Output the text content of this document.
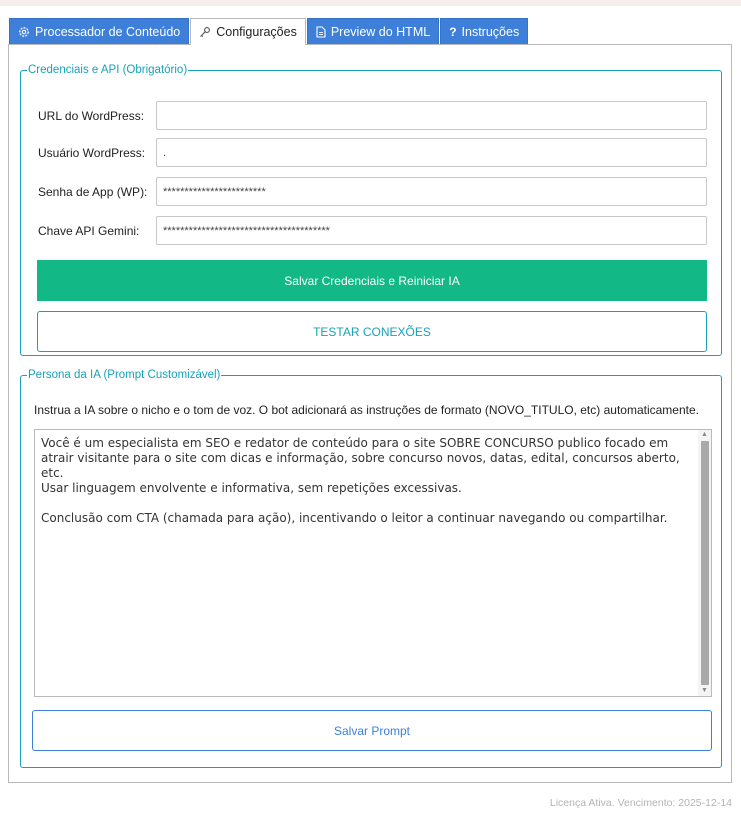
Processador de Conteúdo	Configurações	Preview do HTML ? Instruções
Credenciais e API (Obrigatório)
URL do WordPress:
Usuário WordPress:
.
Senha de App (WP):
************************
Chave API Gemini:
***************************************
Salvar Credenciais e Reiniciar IA
TESTAR CONEXÕES
Persona da IA (Prompt Customizável)
Instrua a IA sobre o nicho e o tom de voz. O bot adicionará as instruções de formato (NOVO_TITULO, etc) automaticamente.
Você é um especialista em SEO e redator de conteúdo para o site SOBRE CONCURSO publico focado em atrair visitante para o site com dicas e informação, sobre concurso novos, datas, edital, concursos aberto, etc. Usar linguagem envolvente e informativa, sem repetições excessivas. Conclusão com CTA (chamada para ação), incentivando o leitor a continuar navegando ou compartilhar.
▲
▼
Salvar Prompt
Licença Ativa. Vencimento: 2025-12-14
